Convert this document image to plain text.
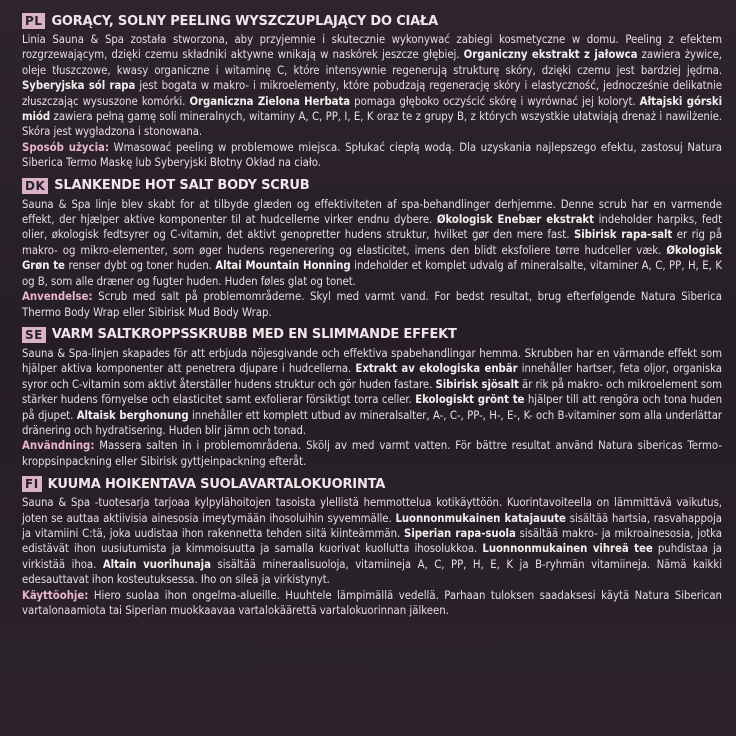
PL GORĄCY, SOLNY PEELING WYSZCZUPLAJĄCY DO CIAŁA
Linia Sauna & Spa została stworzona, aby przyjemnie i skutecznie wykonywać zabiegi kosmetyczne w domu. Peeling z efektem rozgrzewającym, dzięki czemu składniki aktywne wnikają w naskórek jeszcze głębiej. Organiczny ekstrakt z jałowca zawiera żywice, oleje tłuszczowe, kwasy organiczne i witaminę C, które intensywnie regenerują strukturę skóry, dzięki czemu jest bardziej jędrna. Syberyjska sól rapa jest bogata w makro- i mikroelementy, które pobudzają regenerację skóry i elastyczność, jednocześnie delikatnie złuszczając wysuszone komórki. Organiczna Zielona Herbata pomaga głęboko oczyścić skórę i wyrównać jej koloryt. Ałtajski górski miód zawiera pełną gamę soli mineralnych, witaminy A, C, PP, I, E, K oraz te z grupy B, z których wszystkie ułatwiają drenaż i nawilżenie. Skóra jest wygładzona i stonowana.
Sposób użycia: Wmasować peeling w problemowe miejsca. Spłukać ciepłą wodą. Dla uzyskania najlepszego efektu, zastosuj Natura Siberica Termo Maskę lub Syberyjski Błotny Okład na ciało.
DK SLANKENDE HOT SALT BODY SCRUB
Sauna & Spa linje blev skabt for at tilbyde glæden og effektiviteten af spa-behandlinger derhjemme. Denne scrub har en varmende effekt, der hjælper aktive komponenter til at hudcellerne virker endnu dybere. Økologisk Enebær ekstrakt indeholder harpiks, fedt olier, økologisk fedtsyrer og C-vitamin, det aktivt genopretter hudens struktur, hvilket gør den mere fast. Sibirisk rapa-salt er rig på makro- og mikro-elementer, som øger hudens regenerering og elasticitet, imens den blidt eksfoliere tørre hudceller væk. Økologisk Grøn te renser dybt og toner huden. Altai Mountain Honning indeholder et komplet udvalg af mineralsalte, vitaminer A, C, PP, H, E, K og B, som alle dræner og fugter huden. Huden føles glat og tonet.
Anvendelse: Scrub med salt på problemområderne. Skyl med varmt vand. For bedst resultat, brug efterfølgende Natura Siberica Thermo Body Wrap eller Sibirisk Mud Body Wrap.
SE VARM SALTKROPPSSKRUBB MED EN SLIMMANDE EFFEKT
Sauna & Spa-linjen skapades för att erbjuda nöjesgivande och effektiva spabehandlingar hemma. Skrubben har en värmande effekt som hjälper aktiva komponenter att penetrera djupare i hudcellerna. Extrakt av ekologiska enbär innehåller hartser, feta oljor, organiska syror och C-vitamin som aktivt återställer hudens struktur och gör huden fastare. Sibirisk sjösalt är rik på makro- och mikroelement som stärker hudens förnyelse och elasticitet samt exfolierar försiktigt torra celler. Ekologiskt grönt te hjälper till att rengöra och tona huden på djupet. Altaisk berghonung innehåller ett komplett utbud av mineralsalter, A-, C-, PP-, H-, E-, K- och B-vitaminer som alla underlättar dränering och hydratisering. Huden blir jämn och tonad.
Användning: Massera salten in i problemområdena. Skölj av med varmt vatten. För bättre resultat använd Natura sibericas Termo-kroppsinpackning eller Sibirisk gyttjeinpackning efteråt.
FI KUUMA HOIKENTAVA SUOLAVARTALOKUORINTA
Sauna & Spa -tuotesarja tarjoaa kylpylähoitojen tasoista ylellistä hemmottelua kotikäyttöön. Kuorintavoiteella on lämmittävä vaikutus, joten se auttaa aktiivisia ainesosia imeytymään ihosoluihin syvemmälle. Luonnonmukainen katajauute sisältää hartsia, rasvahappoja ja vitamiini C:tä, joka uudistaa ihon rakennetta tehden siitä kiinteämmän. Siperian rapa-suola sisältää makro- ja mikroainesosia, jotka edistävät ihon uusiutumista ja kimmoisuutta ja samalla kuorivat kuollutta ihosolukkoa. Luonnonmukainen vihreä tee puhdistaa ja virkistää ihoa. Altain vuorihunaja sisältää mineraalisuoloja, vitamiineja A, C, PP, H, E, K ja B-ryhmän vitamiineja. Nämä kaikki edesauttavat ihon kosteutuksessa. Iho on sileä ja virkistynyt.
Käyttöohje: Hiero suolaa ihon ongelma-alueille. Huuhtele lämpimällä vedellä. Parhaan tuloksen saadaksesi käytä Natura Siberican vartalonaamiota tai Siperian muokkaavaa vartalokäärettä vartalokuorinnan jälkeen.
